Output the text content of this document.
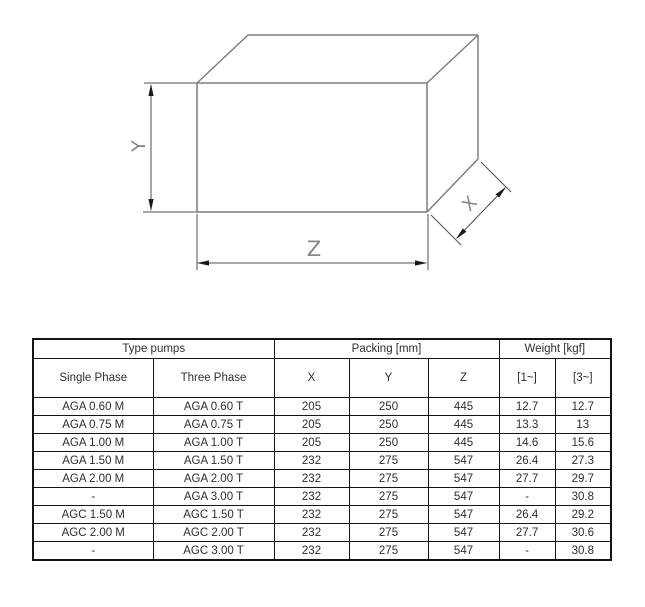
Y
Z
X
Type pumps		Packing [mm]			Weight [kgf]	
Single Phase	Three Phase	X	Y	Z	[1~]	[3~]
AGA 0.60 M	AGA 0.60 T	205	250	445	12.7	12.7
AGA 0.75 M	AGA 0.75 T	205	250	445	13.3	13
AGA 1.00 M	AGA 1.00 T	205	250	445	14.6	15.6
AGA 1.50 M	AGA 1.50 T	232	275	547	26.4	27.3
AGA 2.00 M	AGA 2.00 T	232	275	547	27.7	29.7
-	AGA 3.00 T	232	275	547	-	30.8
AGC 1.50 M	AGC 1.50 T	232	275	547	26.4	29.2
AGC 2.00 M	AGC 2.00 T	232	275	547	27.7	30.6
-	AGC 3.00 T	232	275	547	-	30.8
